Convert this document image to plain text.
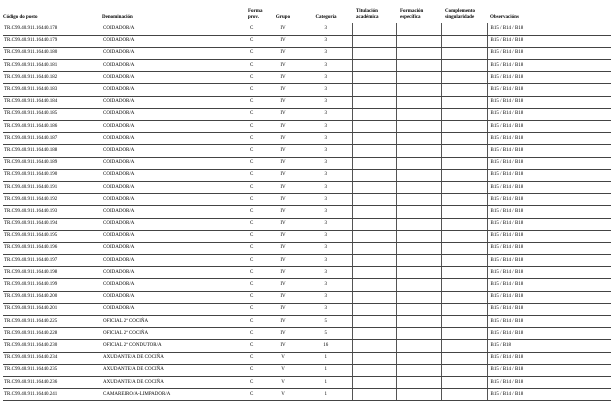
Código do posto	Denominación	Forma prov.	Grupo	Categoría	Titulación académica	Formación específica	Complemento singularidade	Observacións
TR.C99.40.911.16440.178	COIDADOR/A	C	IV	3				B15 / B14 / B18
TR.C99.40.911.16440.179	COIDADOR/A	C	IV	3				B15 / B14 / B18
TR.C99.40.911.16440.180	COIDADOR/A	C	IV	3				B15 / B14 / B18
TR.C99.40.911.16440.181	COIDADOR/A	C	IV	3				B15 / B14 / B18
TR.C99.40.911.16440.182	COIDADOR/A	C	IV	3				B15 / B14 / B18
TR.C99.40.911.16440.183	COIDADOR/A	C	IV	3				B15 / B14 / B18
TR.C99.40.911.16440.184	COIDADOR/A	C	IV	3				B15 / B14 / B18
TR.C99.40.911.16440.185	COIDADOR/A	C	IV	3				B15 / B14 / B18
TR.C99.40.911.16440.186	COIDADOR/A	C	IV	3				B15 / B14 / B18
TR.C99.40.911.16440.187	COIDADOR/A	C	IV	3				B15 / B14 / B18
TR.C99.40.911.16440.188	COIDADOR/A	C	IV	3				B15 / B14 / B18
TR.C99.40.911.16440.189	COIDADOR/A	C	IV	3				B15 / B14 / B18
TR.C99.40.911.16440.190	COIDADOR/A	C	IV	3				B15 / B14 / B18
TR.C99.40.911.16440.191	COIDADOR/A	C	IV	3				B15 / B14 / B18
TR.C99.40.911.16440.192	COIDADOR/A	C	IV	3				B15 / B14 / B18
TR.C99.40.911.16440.193	COIDADOR/A	C	IV	3				B15 / B14 / B18
TR.C99.40.911.16440.194	COIDADOR/A	C	IV	3				B15 / B14 / B18
TR.C99.40.911.16440.195	COIDADOR/A	C	IV	3				B15 / B14 / B18
TR.C99.40.911.16440.196	COIDADOR/A	C	IV	3				B15 / B14 / B18
TR.C99.40.911.16440.197	COIDADOR/A	C	IV	3				B15 / B14 / B18
TR.C99.40.911.16440.198	COIDADOR/A	C	IV	3				B15 / B14 / B18
TR.C99.40.911.16440.199	COIDADOR/A	C	IV	3				B15 / B14 / B18
TR.C99.40.911.16440.200	COIDADOR/A	C	IV	3				B15 / B14 / B18
TR.C99.40.911.16440.201	COIDADOR/A	C	IV	3				B15 / B14 / B18
TR.C99.40.911.16440.225	OFICIAL 2ª COCIÑA	C	IV	5				B15 / B14 / B18
TR.C99.40.911.16440.228	OFICIAL 2ª COCIÑA	C	IV	5				B15 / B14 / B18
TR.C99.40.911.16440.230	OFICIAL 2ª CONDUTOR/A	C	IV	16				B15 / B18
TR.C99.40.911.16440.234	AXUDANTE/A DE COCIÑA	C	V	1				B15 / B14 / B18
TR.C99.40.911.16440.235	AXUDANTE/A DE COCIÑA	C	V	1				B15 / B14 / B18
TR.C99.40.911.16440.236	AXUDANTE/A DE COCIÑA	C	V	1				B15 / B14 / B18
TR.C99.40.911.16440.241	CAMAREIRO/A-LIMPADOR/A	C	V	1				B15 / B14 / B18
